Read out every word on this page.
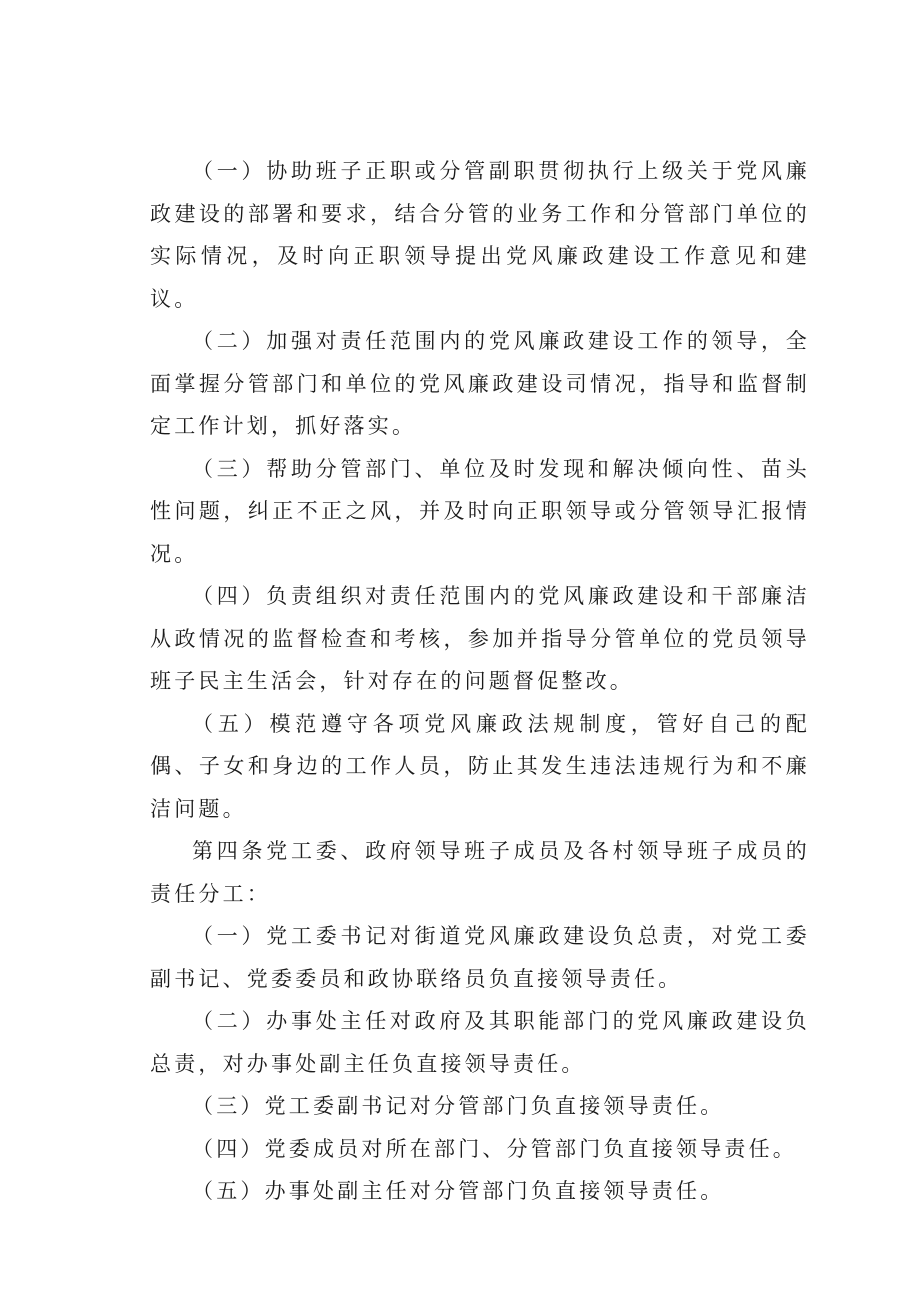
（一）协助班子正职或分管副职贯彻执行上级关于党风廉政建设的部署和要求，结合分管的业务工作和分管部门单位的实际情况，及时向正职领导提出党风廉政建设工作意见和建议。

（二）加强对责任范围内的党风廉政建设工作的领导，全面掌握分管部门和单位的党风廉政建设司情况，指导和监督制定工作计划，抓好落实。

（三）帮助分管部门、单位及时发现和解决倾向性、苗头性问题，纠正不正之风，并及时向正职领导或分管领导汇报情况。

（四）负责组织对责任范围内的党风廉政建设和干部廉洁从政情况的监督检查和考核，参加并指导分管单位的党员领导班子民主生活会，针对存在的问题督促整改。

（五）模范遵守各项党风廉政法规制度，管好自己的配偶、子女和身边的工作人员，防止其发生违法违规行为和不廉洁问题。

第四条党工委、政府领导班子成员及各村领导班子成员的责任分工：

（一）党工委书记对街道党风廉政建设负总责，对党工委副书记、党委委员和政协联络员负直接领导责任。

（二）办事处主任对政府及其职能部门的党风廉政建设负总责，对办事处副主任负直接领导责任。

（三）党工委副书记对分管部门负直接领导责任。

（四）党委成员对所在部门、分管部门负直接领导责任。

（五）办事处副主任对分管部门负直接领导责任。
